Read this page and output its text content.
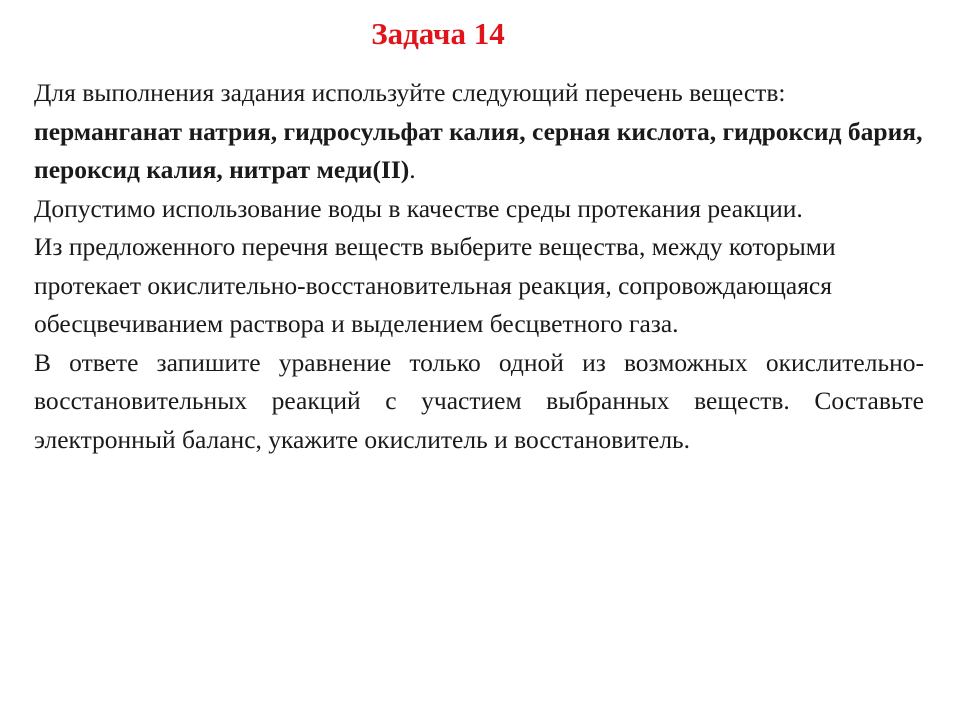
Задача 14

Для выполнения задания используйте следующий перечень веществ: перманганат натрия, гидросульфат калия, серная кислота, гидроксид бария, пероксид калия, нитрат меди(II).

Допустимо использование воды в качестве среды протекания реакции.

Из предложенного перечня веществ выберите вещества, между которыми протекает окислительно-восстановительная реакция, сопровождающаяся обесцвечиванием раствора и выделением бесцветного газа.

В ответе запишите уравнение только одной из возможных окислительно-восстановительных реакций с участием выбранных веществ. Составьте электронный баланс, укажите окислитель и восстановитель.
